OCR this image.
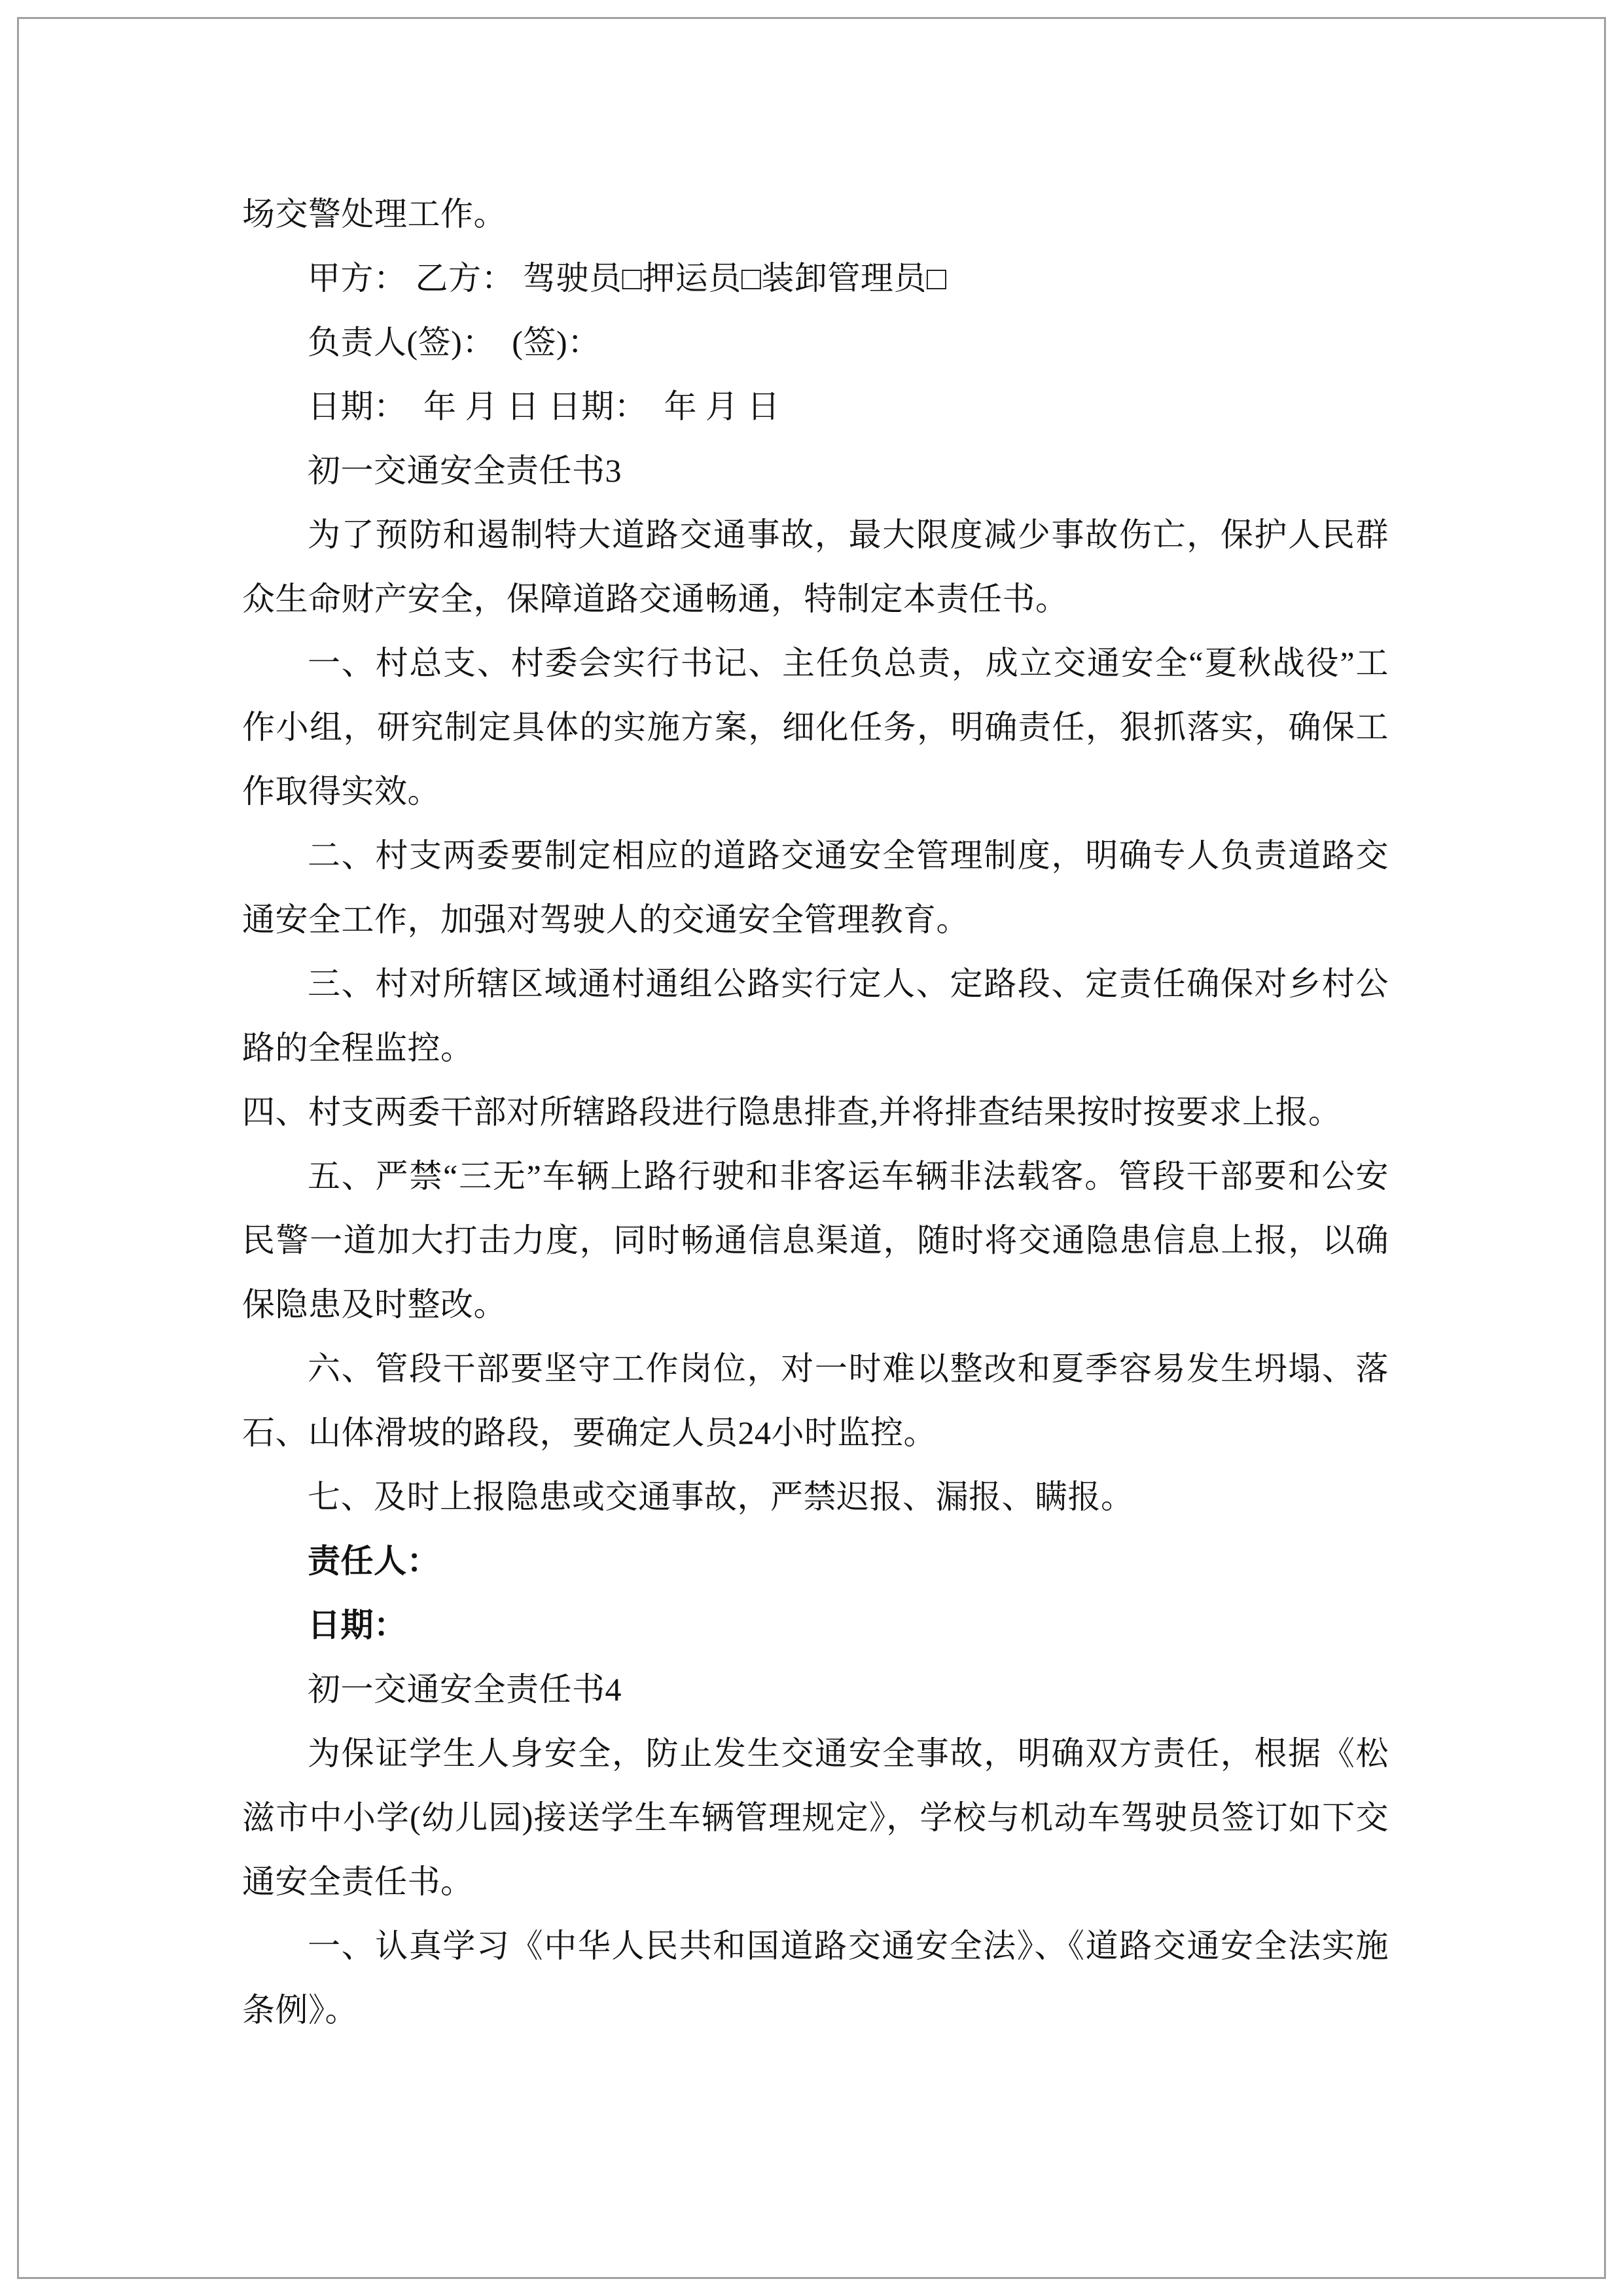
场交警处理工作。

甲方： 乙方： 驾驶员□押运员□装卸管理员□

负责人(签)：　(签)：

日期：　年 月 日 日期：　年 月 日

初一交通安全责任书3

为了预防和遏制特大道路交通事故，最大限度减少事故伤亡，保护人民群众生命财产安全，保障道路交通畅通，特制定本责任书。

一、村总支、村委会实行书记、主任负总责，成立交通安全“夏秋战役”工作小组，研究制定具体的实施方案，细化任务，明确责任，狠抓落实，确保工作取得实效。

二、村支两委要制定相应的道路交通安全管理制度，明确专人负责道路交通安全工作，加强对驾驶人的交通安全管理教育。

三、村对所辖区域通村通组公路实行定人、定路段、定责任确保对乡村公路的全程监控。

四、村支两委干部对所辖路段进行隐患排查,并将排查结果按时按要求上报。

五、严禁“三无”车辆上路行驶和非客运车辆非法载客。管段干部要和公安民警一道加大打击力度，同时畅通信息渠道，随时将交通隐患信息上报，以确保隐患及时整改。

六、管段干部要坚守工作岗位，对一时难以整改和夏季容易发生坍塌、落石、山体滑坡的路段，要确定人员24小时监控。

七、及时上报隐患或交通事故，严禁迟报、漏报、瞒报。

责任人：

日期：

初一交通安全责任书4

为保证学生人身安全，防止发生交通安全事故，明确双方责任，根据《松滋市中小学(幼儿园)接送学生车辆管理规定》，学校与机动车驾驶员签订如下交通安全责任书。

一、认真学习《中华人民共和国道路交通安全法》、《道路交通安全法实施条例》。
